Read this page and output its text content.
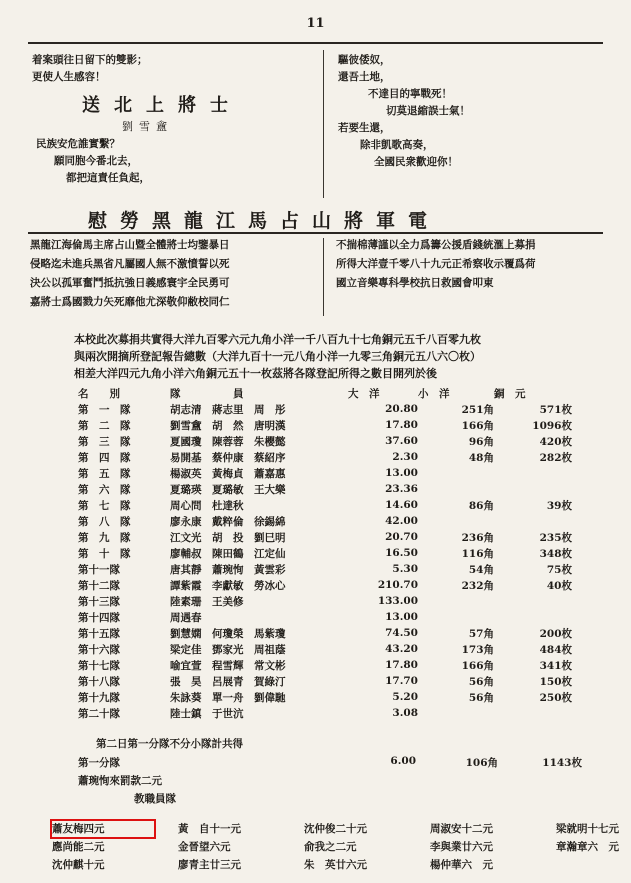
11
着案頭往日留下的雙影；
更使人生感容！
送北上將士
劉雪盦
民族安危誰實繫？
願同胞今番北去，
都把這責任負起，
驅彼倭奴，
還吾土地，
不達目的寧戰死！
切莫退縮誤士氣！
若要生還，
除非凱歌高奏，
全國民衆歡迎你！
慰勞黑龍江馬占山將軍電
黑龍江海倫馬主席占山暨全體將士均鑒暴日
侵略迄未進兵黑省凡屬國人無不激憤誓以死
決公以孤軍奮鬥抵抗強日義感寰宇全民勇可
嘉將士爲國戮力矢死靡他尤深敬仰敝校同仁
不揣棉薄謹以全力爲籌公援盾錢統滙上募捐
所得大洋壹千零八十九元正希察收示覆爲荷
國立音樂專科學校抗日救國會叩東
本校此次募捐共實得大洋九百零六元九角小洋一千八百九十七角銅元五千八百零九枚
與兩次開摘所登記報告總數（大洋九百十一元八角小洋一九零三角銅元五八六〇枚）
相差大洋四元九角小洋六角銅元五十一枚茲將各隊登記所得之數目開列於後
名　　別	隊　　　　　員	大　洋	小　洋	銅　元
第　一　隊	胡志清　蔣志里　周　彤	20.80	251角	571枚
第　二　隊	劉雪盦　胡　然　唐明漢	17.80	166角	1096枚
第　三　隊	夏國瓊　陳蓉蓉　朱櫻懿	37.60	96角	420枚
第　四　隊	易開基　蔡仲康　蔡紹序	2.30	48角	282枚
第　五　隊	楊淑英　黃梅貞　蕭嘉惠	13.00		
第　六　隊	夏璐瑛　夏璐敏　王大樂	23.36		
第　七　隊	周心問　杜達秋	14.60	86角	39枚
第　八　隊	廖永康　戴粹倫　徐錫綿	42.00		
第　九　隊	江文光　胡　投　劉巳明	20.70	236角	235枚
第　十　隊	廖輔叔　陳田鶴　江定仙	16.50	116角	348枚
第十一隊	唐其靜　蕭琬恂　黃雲彩	5.30	54角	75枚
第十二隊	譚紫霞　李獻敏　勞冰心	210.70	232角	40枚
第十三隊	陸素珊　王美修	133.00		
第十四隊	周遇春	13.00		
第十五隊	劉慧嫻　何瓊榮　馬紫瓊	74.50	57角	200枚
第十六隊	梁定佳　鄧家光　周祖蔭	43.20	173角	484枚
第十七隊	喻宜萱　程雪輝　常文彬	17.80	166角	341枚
第十八隊	張　昊　呂展青　賀綠汀	17.70	56角	150枚
第十九隊	朱詠葵　單一舟　劉偉馳	5.20	56角	250枚
第二十隊	陸士鎮　于世沆	3.08		
第二日第一分隊不分小隊計共得
第一分隊	6.00	106角	1143枚
蕭琬恂來罰款二元
教職員隊
蕭友梅四元	黃　自十一元	沈仲俊二十元	周淑安十二元	梁就明十七元
應尚能二元	金晉望六元	俞我之二元	李與業廿六元	章瀚章六　元
沈仲麒十元	廖青主廿三元	朱　英廿六元	楊仲華六　元
